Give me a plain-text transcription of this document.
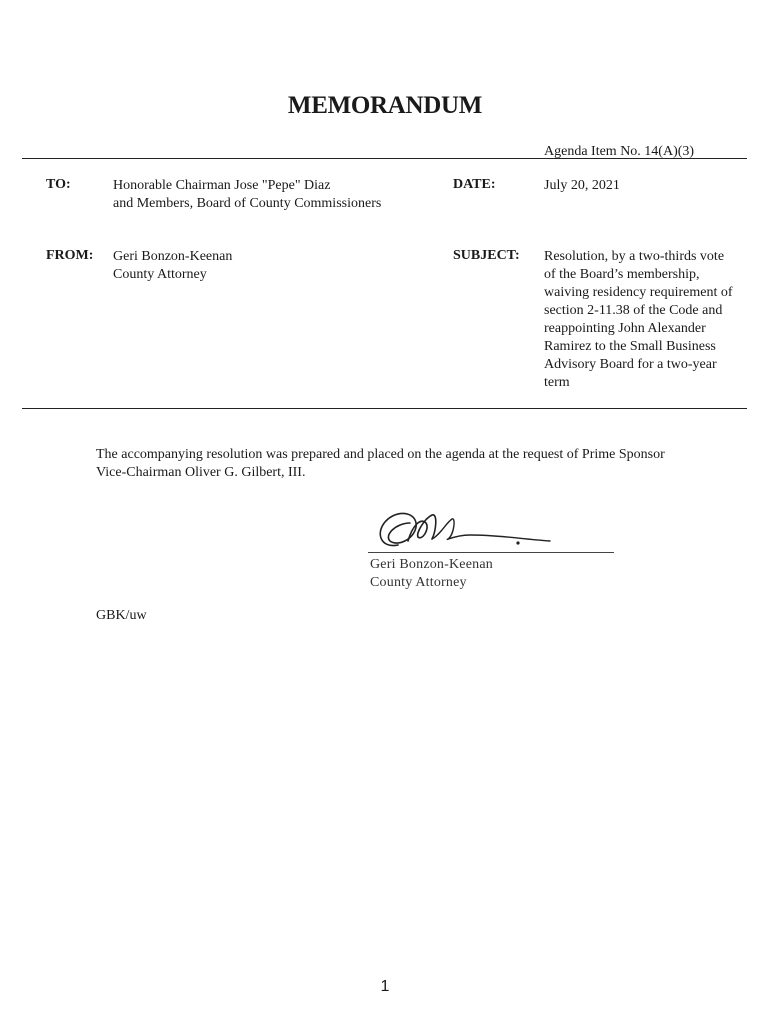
MEMORANDUM
Agenda Item No. 14(A)(3)
TO:	Honorable Chairman Jose "Pepe" Diaz
and Members, Board of County Commissioners
DATE:	July 20, 2021
FROM: Geri Bonzon-Keenan
County Attorney
SUBJECT: Resolution, by a two-thirds vote
of the Board’s membership,
waiving residency requirement of
section 2-11.38 of the Code and
reappointing John Alexander
Ramirez to the Small Business
Advisory Board for a two-year
term
The accompanying resolution was prepared and placed on the agenda at the request of Prime Sponsor
Vice-Chairman Oliver G. Gilbert, III.
Geri Bonzon-Keenan
County Attorney
GBK/uw
1
